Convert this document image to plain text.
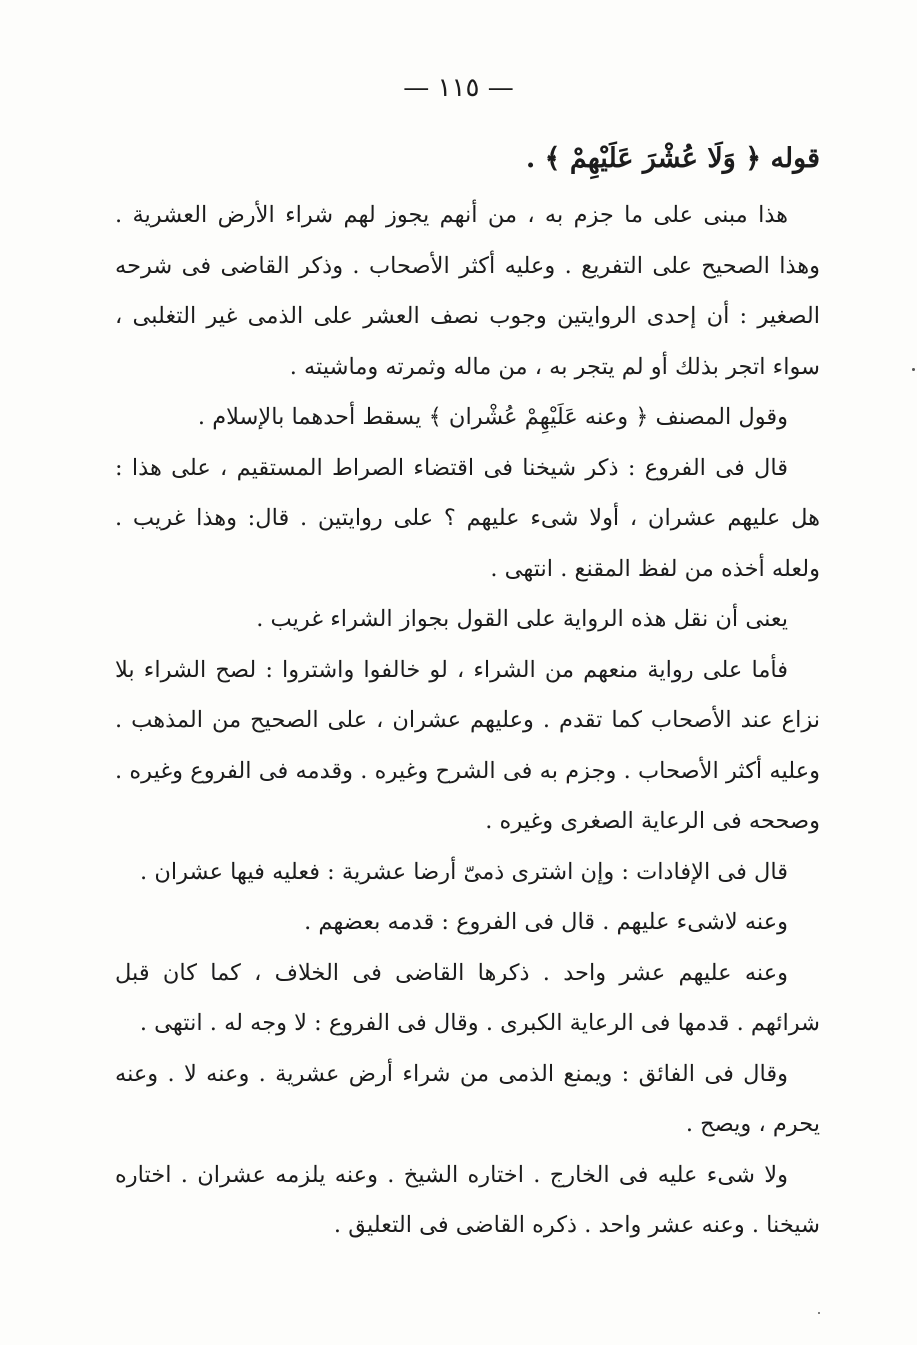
— ١١٥ —
قوله ﴿ وَلَا عُشْرَ عَلَيْهِمْ ﴾ .

هذا مبنى على ما جزم به ، من أنهم يجوز لهم شراء الأرض العشرية . وهذا الصحيح على التفريع . وعليه أكثر الأصحاب . وذكر القاضى فى شرحه الصغير : أن إحدى الروايتين وجوب نصف العشر على الذمى غير التغلبى ، سواء اتجر بذلك أو لم يتجر به ، من ماله وثمرته وماشيته .

وقول المصنف ﴿ وعنه عَلَيْهِمْ عُشْران ﴾ يسقط أحدهما بالإسلام .

قال فى الفروع : ذكر شيخنا فى اقتضاء الصراط المستقيم ، على هذا : هل عليهم عشران ، أولا شىء عليهم ؟ على روايتين . قال: وهذا غريب . ولعله أخذه من لفظ المقنع . انتهى .

يعنى أن نقل هذه الرواية على القول بجواز الشراء غريب .

فأما على رواية منعهم من الشراء ، لو خالفوا واشتروا : لصح الشراء بلا نزاع عند الأصحاب كما تقدم . وعليهم عشران ، على الصحيح من المذهب . وعليه أكثر الأصحاب . وجزم به فى الشرح وغيره . وقدمه فى الفروع وغيره . وصححه فى الرعاية الصغرى وغيره .

قال فى الإفادات : وإن اشترى ذمىّ أرضا عشرية : فعليه فيها عشران .

وعنه لاشىء عليهم . قال فى الفروع : قدمه بعضهم .

وعنه عليهم عشر واحد . ذكرها القاضى فى الخلاف ، كما كان قبل شرائهم . قدمها فى الرعاية الكبرى . وقال فى الفروع : لا وجه له . انتهى .

وقال فى الفائق : ويمنع الذمى من شراء أرض عشرية . وعنه لا . وعنه يحرم ، ويصح .

ولا شىء عليه فى الخارج . اختاره الشيخ . وعنه يلزمه عشران . اختاره شيخنا . وعنه عشر واحد . ذكره القاضى فى التعليق .
